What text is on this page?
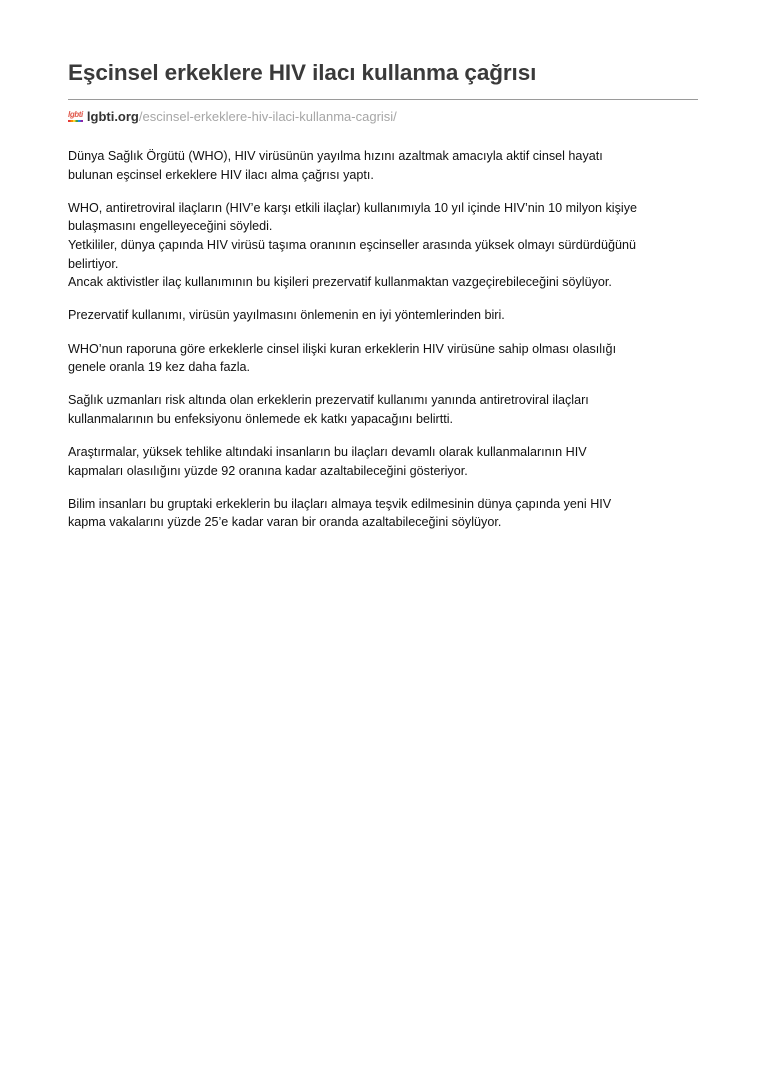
Eşcinsel erkeklere HIV ilacı kullanma çağrısı
lgbti lgbti.org /escinsel-erkeklere-hiv-ilaci-kullanma-cagrisi/

Dünya Sağlık Örgütü (WHO), HIV virüsünün yayılma hızını azaltmak amacıyla aktif cinsel hayatı
bulunan eşcinsel erkeklere HIV ilacı alma çağrısı yaptı.

WHO, antiretroviral ilaçların (HIV’e karşı etkili ilaçlar) kullanımıyla 10 yıl içinde HIV’nin 10 milyon kişiye
bulaşmasını engelleyeceğini söyledi.
Yetkililer, dünya çapında HIV virüsü taşıma oranının eşcinseller arasında yüksek olmayı sürdürdüğünü
belirtiyor.
Ancak aktivistler ilaç kullanımının bu kişileri prezervatif kullanmaktan vazgeçirebileceğini söylüyor.

Prezervatif kullanımı, virüsün yayılmasını önlemenin en iyi yöntemlerinden biri.

WHO’nun raporuna göre erkeklerle cinsel ilişki kuran erkeklerin HIV virüsüne sahip olması olasılığı
genele oranla 19 kez daha fazla.

Sağlık uzmanları risk altında olan erkeklerin prezervatif kullanımı yanında antiretroviral ilaçları
kullanmalarının bu enfeksiyonu önlemede ek katkı yapacağını belirtti.

Araştırmalar, yüksek tehlike altındaki insanların bu ilaçları devamlı olarak kullanmalarının HIV
kapmaları olasılığını yüzde 92 oranına kadar azaltabileceğini gösteriyor.

Bilim insanları bu gruptaki erkeklerin bu ilaçları almaya teşvik edilmesinin dünya çapında yeni HIV
kapma vakalarını yüzde 25’e kadar varan bir oranda azaltabileceğini söylüyor.
